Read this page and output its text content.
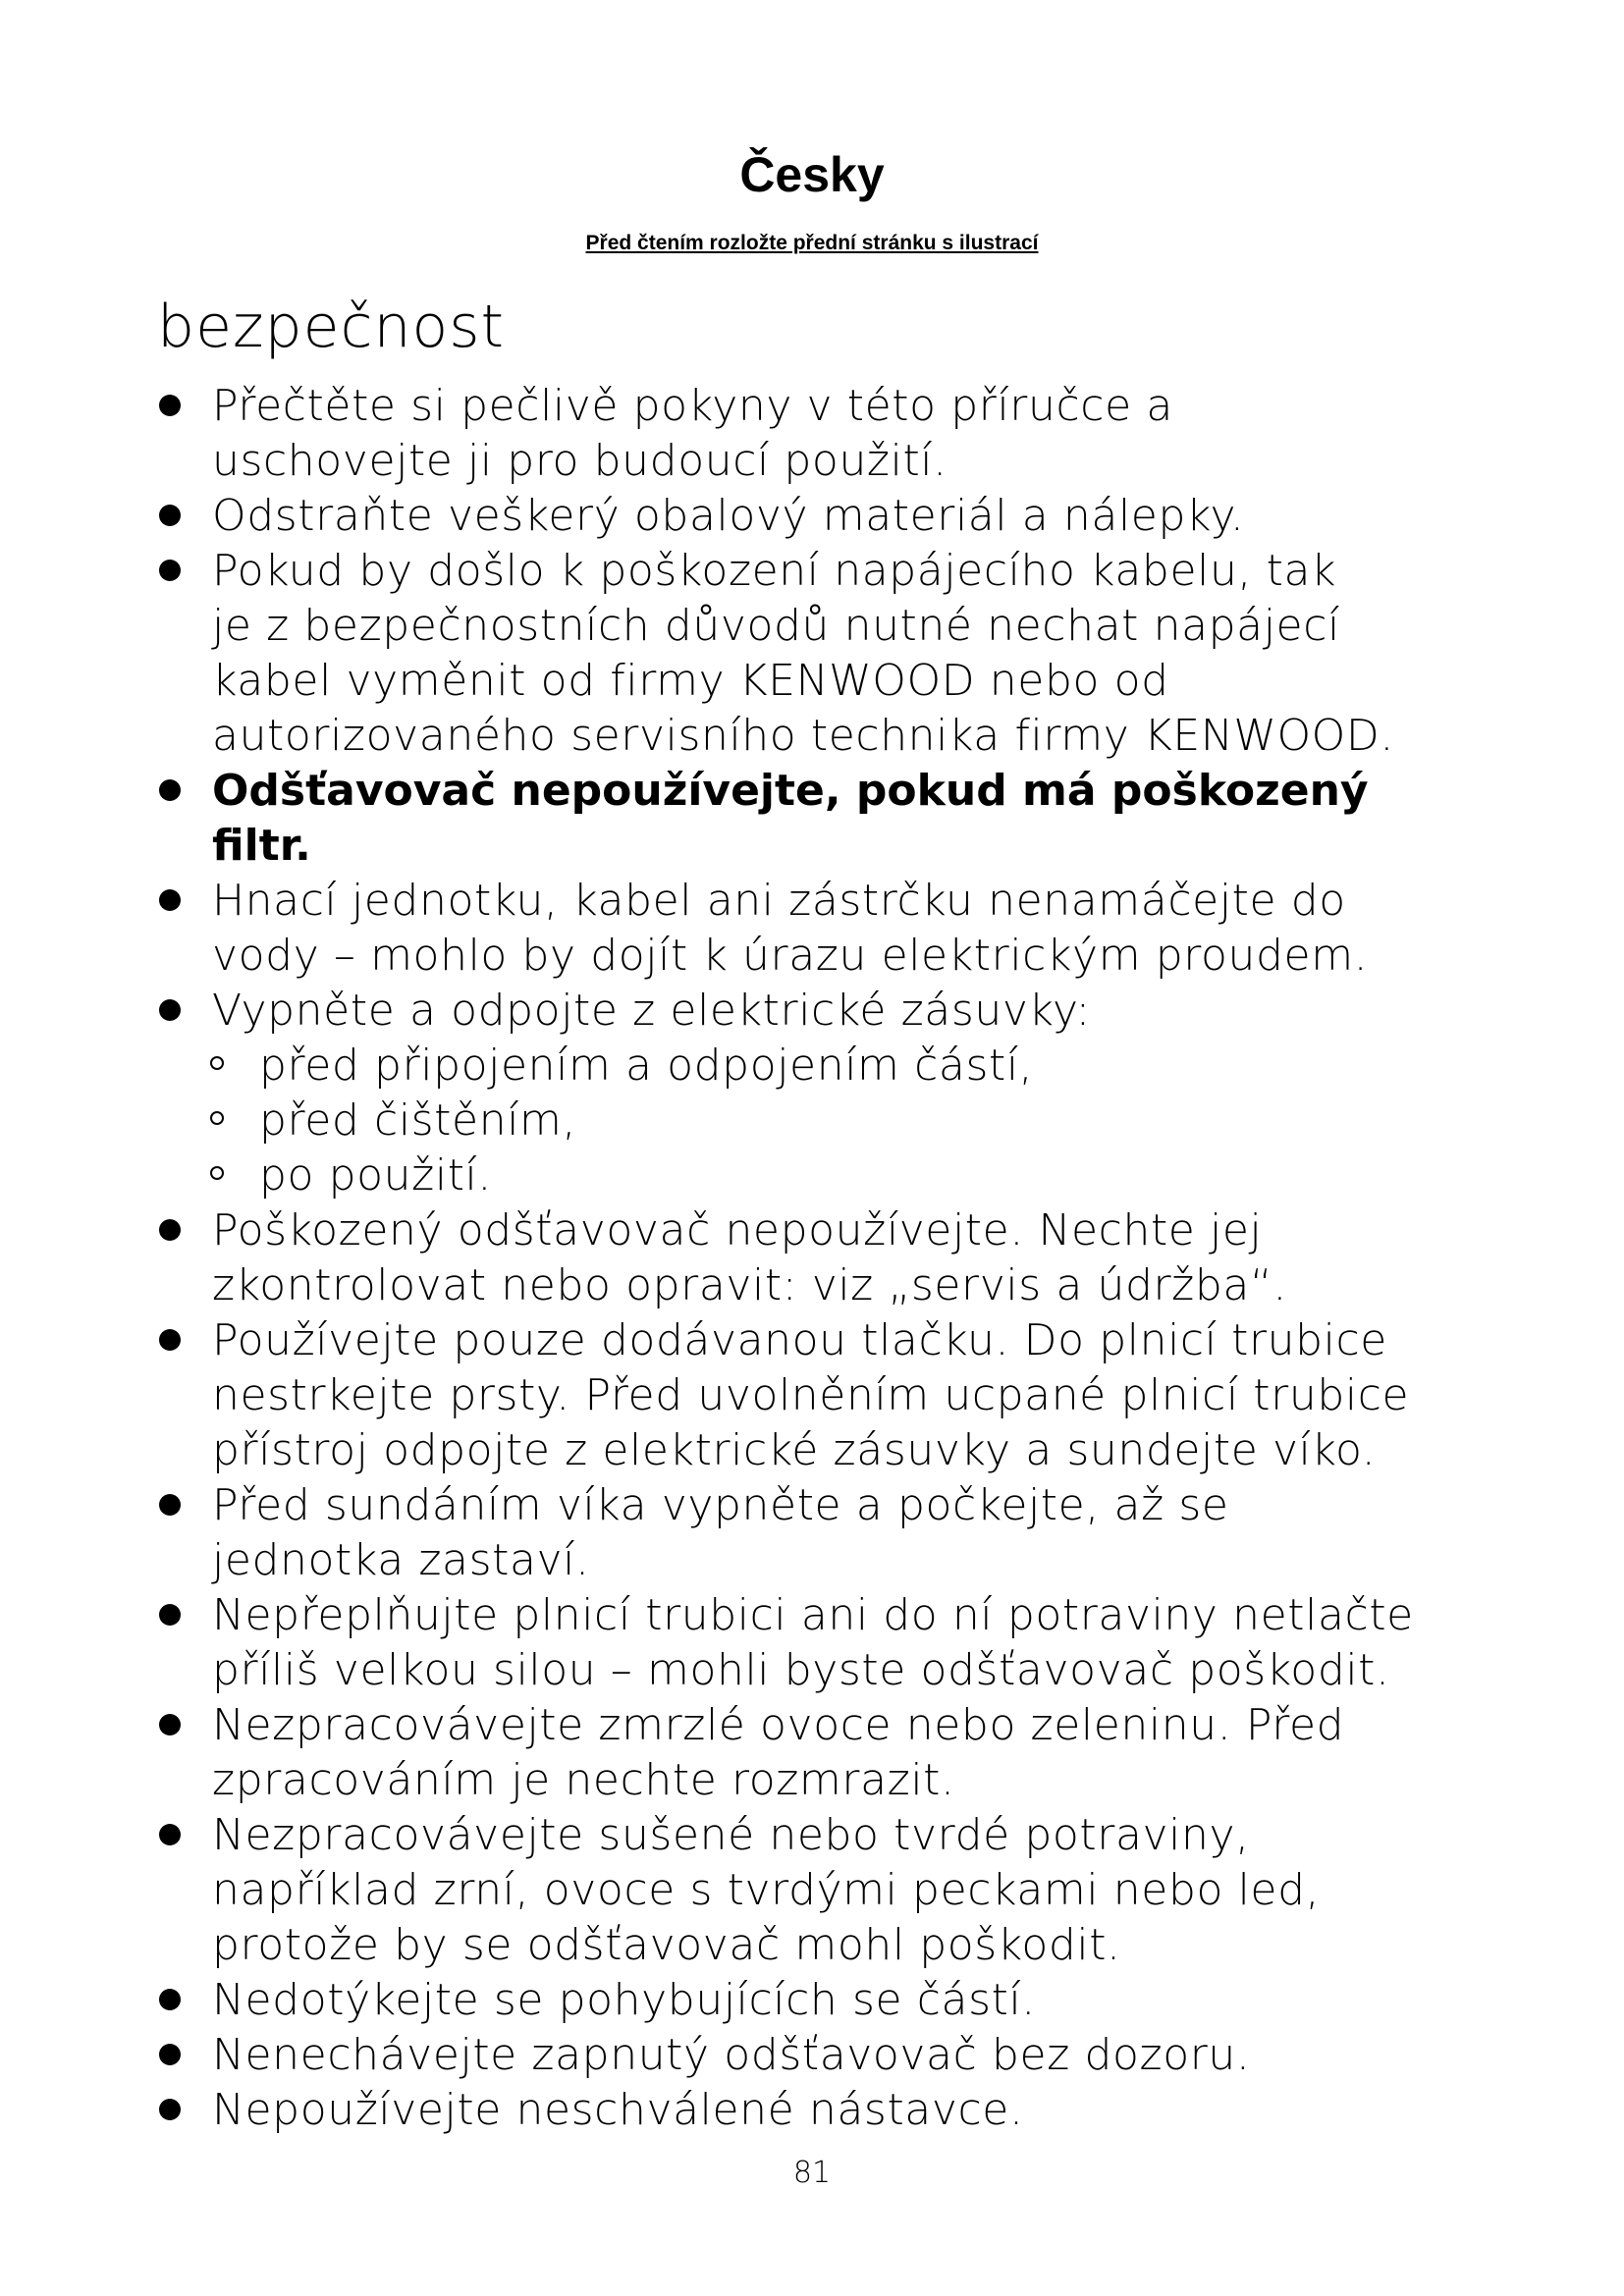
Česky
Před čtením rozložte přední stránku s ilustrací
bezpečnost
Přečtěte si pečlivě pokyny v této příručce a
uschovejte ji pro budoucí použití.
Odstraňte veškerý obalový materiál a nálepky.
Pokud by došlo k poškození napájecího kabelu, tak
je z bezpečnostních důvodů nutné nechat napájecí
kabel vyměnit od firmy KENWOOD nebo od
autorizovaného servisního technika firmy KENWOOD.
Odšťavovač nepoužívejte, pokud má poškozený
filtr.
Hnací jednotku, kabel ani zástrčku nenamáčejte do
vody – mohlo by dojít k úrazu elektrickým proudem.
Vypněte a odpojte z elektrické zásuvky:
před připojením a odpojením částí,
před čištěním,
po použití.
Poškozený odšťavovač nepoužívejte. Nechte jej
zkontrolovat nebo opravit: viz „servis a údržba“.
Používejte pouze dodávanou tlačku. Do plnicí trubice
nestrkejte prsty. Před uvolněním ucpané plnicí trubice
přístroj odpojte z elektrické zásuvky a sundejte víko.
Před sundáním víka vypněte a počkejte, až se
jednotka zastaví.
Nepřeplňujte plnicí trubici ani do ní potraviny netlačte
příliš velkou silou – mohli byste odšťavovač poškodit.
Nezpracovávejte zmrzlé ovoce nebo zeleninu. Před
zpracováním je nechte rozmrazit.
Nezpracovávejte sušené nebo tvrdé potraviny,
například zrní, ovoce s tvrdými peckami nebo led,
protože by se odšťavovač mohl poškodit.
Nedotýkejte se pohybujících se částí.
Nenechávejte zapnutý odšťavovač bez dozoru.
Nepoužívejte neschválené nástavce.
81
